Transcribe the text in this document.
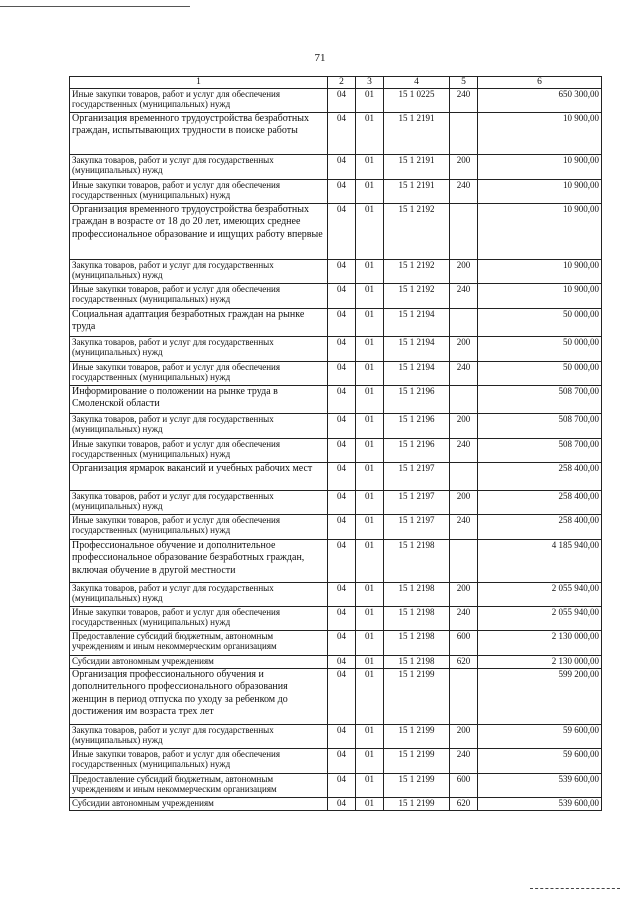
71
1	2	3	4	5	6
Иные закупки товаров, работ и услуг для обеспечения государственных (муниципальных) нужд	04	01	15 1 0225	240	650 300,00
Организация временного трудоустройства безработных граждан, испытывающих трудности в поиске работы	04	01	15 1 2191		10 900,00
Закупка товаров, работ и услуг для государственных (муниципальных) нужд	04	01	15 1 2191	200	10 900,00
Иные закупки товаров, работ и услуг для обеспечения государственных (муниципальных) нужд	04	01	15 1 2191	240	10 900,00
Организация временного трудоустройства безработных граждан в возрасте от 18 до 20 лет, имеющих среднее профессиональное образование и ищущих работу впервые	04	01	15 1 2192		10 900,00
Закупка товаров, работ и услуг для государственных (муниципальных) нужд	04	01	15 1 2192	200	10 900,00
Иные закупки товаров, работ и услуг для обеспечения государственных (муниципальных) нужд	04	01	15 1 2192	240	10 900,00
Социальная адаптация безработных граждан на рынке труда	04	01	15 1 2194		50 000,00
Закупка товаров, работ и услуг для государственных (муниципальных) нужд	04	01	15 1 2194	200	50 000,00
Иные закупки товаров, работ и услуг для обеспечения государственных (муниципальных) нужд	04	01	15 1 2194	240	50 000,00
Информирование о положении на рынке труда в Смоленской области	04	01	15 1 2196		508 700,00
Закупка товаров, работ и услуг для государственных (муниципальных) нужд	04	01	15 1 2196	200	508 700,00
Иные закупки товаров, работ и услуг для обеспечения государственных (муниципальных) нужд	04	01	15 1 2196	240	508 700,00
Организация ярмарок вакансий и учебных рабочих мест	04	01	15 1 2197		258 400,00
Закупка товаров, работ и услуг для государственных (муниципальных) нужд	04	01	15 1 2197	200	258 400,00
Иные закупки товаров, работ и услуг для обеспечения государственных (муниципальных) нужд	04	01	15 1 2197	240	258 400,00
Профессиональное обучение и дополнительное профессиональное образование безработных граждан, включая обучение в другой местности	04	01	15 1 2198		4 185 940,00
Закупка товаров, работ и услуг для государственных (муниципальных) нужд	04	01	15 1 2198	200	2 055 940,00
Иные закупки товаров, работ и услуг для обеспечения государственных (муниципальных) нужд	04	01	15 1 2198	240	2 055 940,00
Предоставление субсидий бюджетным, автономным учреждениям и иным некоммерческим организациям	04	01	15 1 2198	600	2 130 000,00
Субсидии автономным учреждениям	04	01	15 1 2198	620	2 130 000,00
Организация профессионального обучения и дополнительного профессионального образования женщин в период отпуска по уходу за ребенком до достижения им возраста трех лет	04	01	15 1 2199		599 200,00
Закупка товаров, работ и услуг для государственных (муниципальных) нужд	04	01	15 1 2199	200	59 600,00
Иные закупки товаров, работ и услуг для обеспечения государственных (муниципальных) нужд	04	01	15 1 2199	240	59 600,00
Предоставление субсидий бюджетным, автономным учреждениям и иным некоммерческим организациям	04	01	15 1 2199	600	539 600,00
Субсидии автономным учреждениям	04	01	15 1 2199	620	539 600,00
